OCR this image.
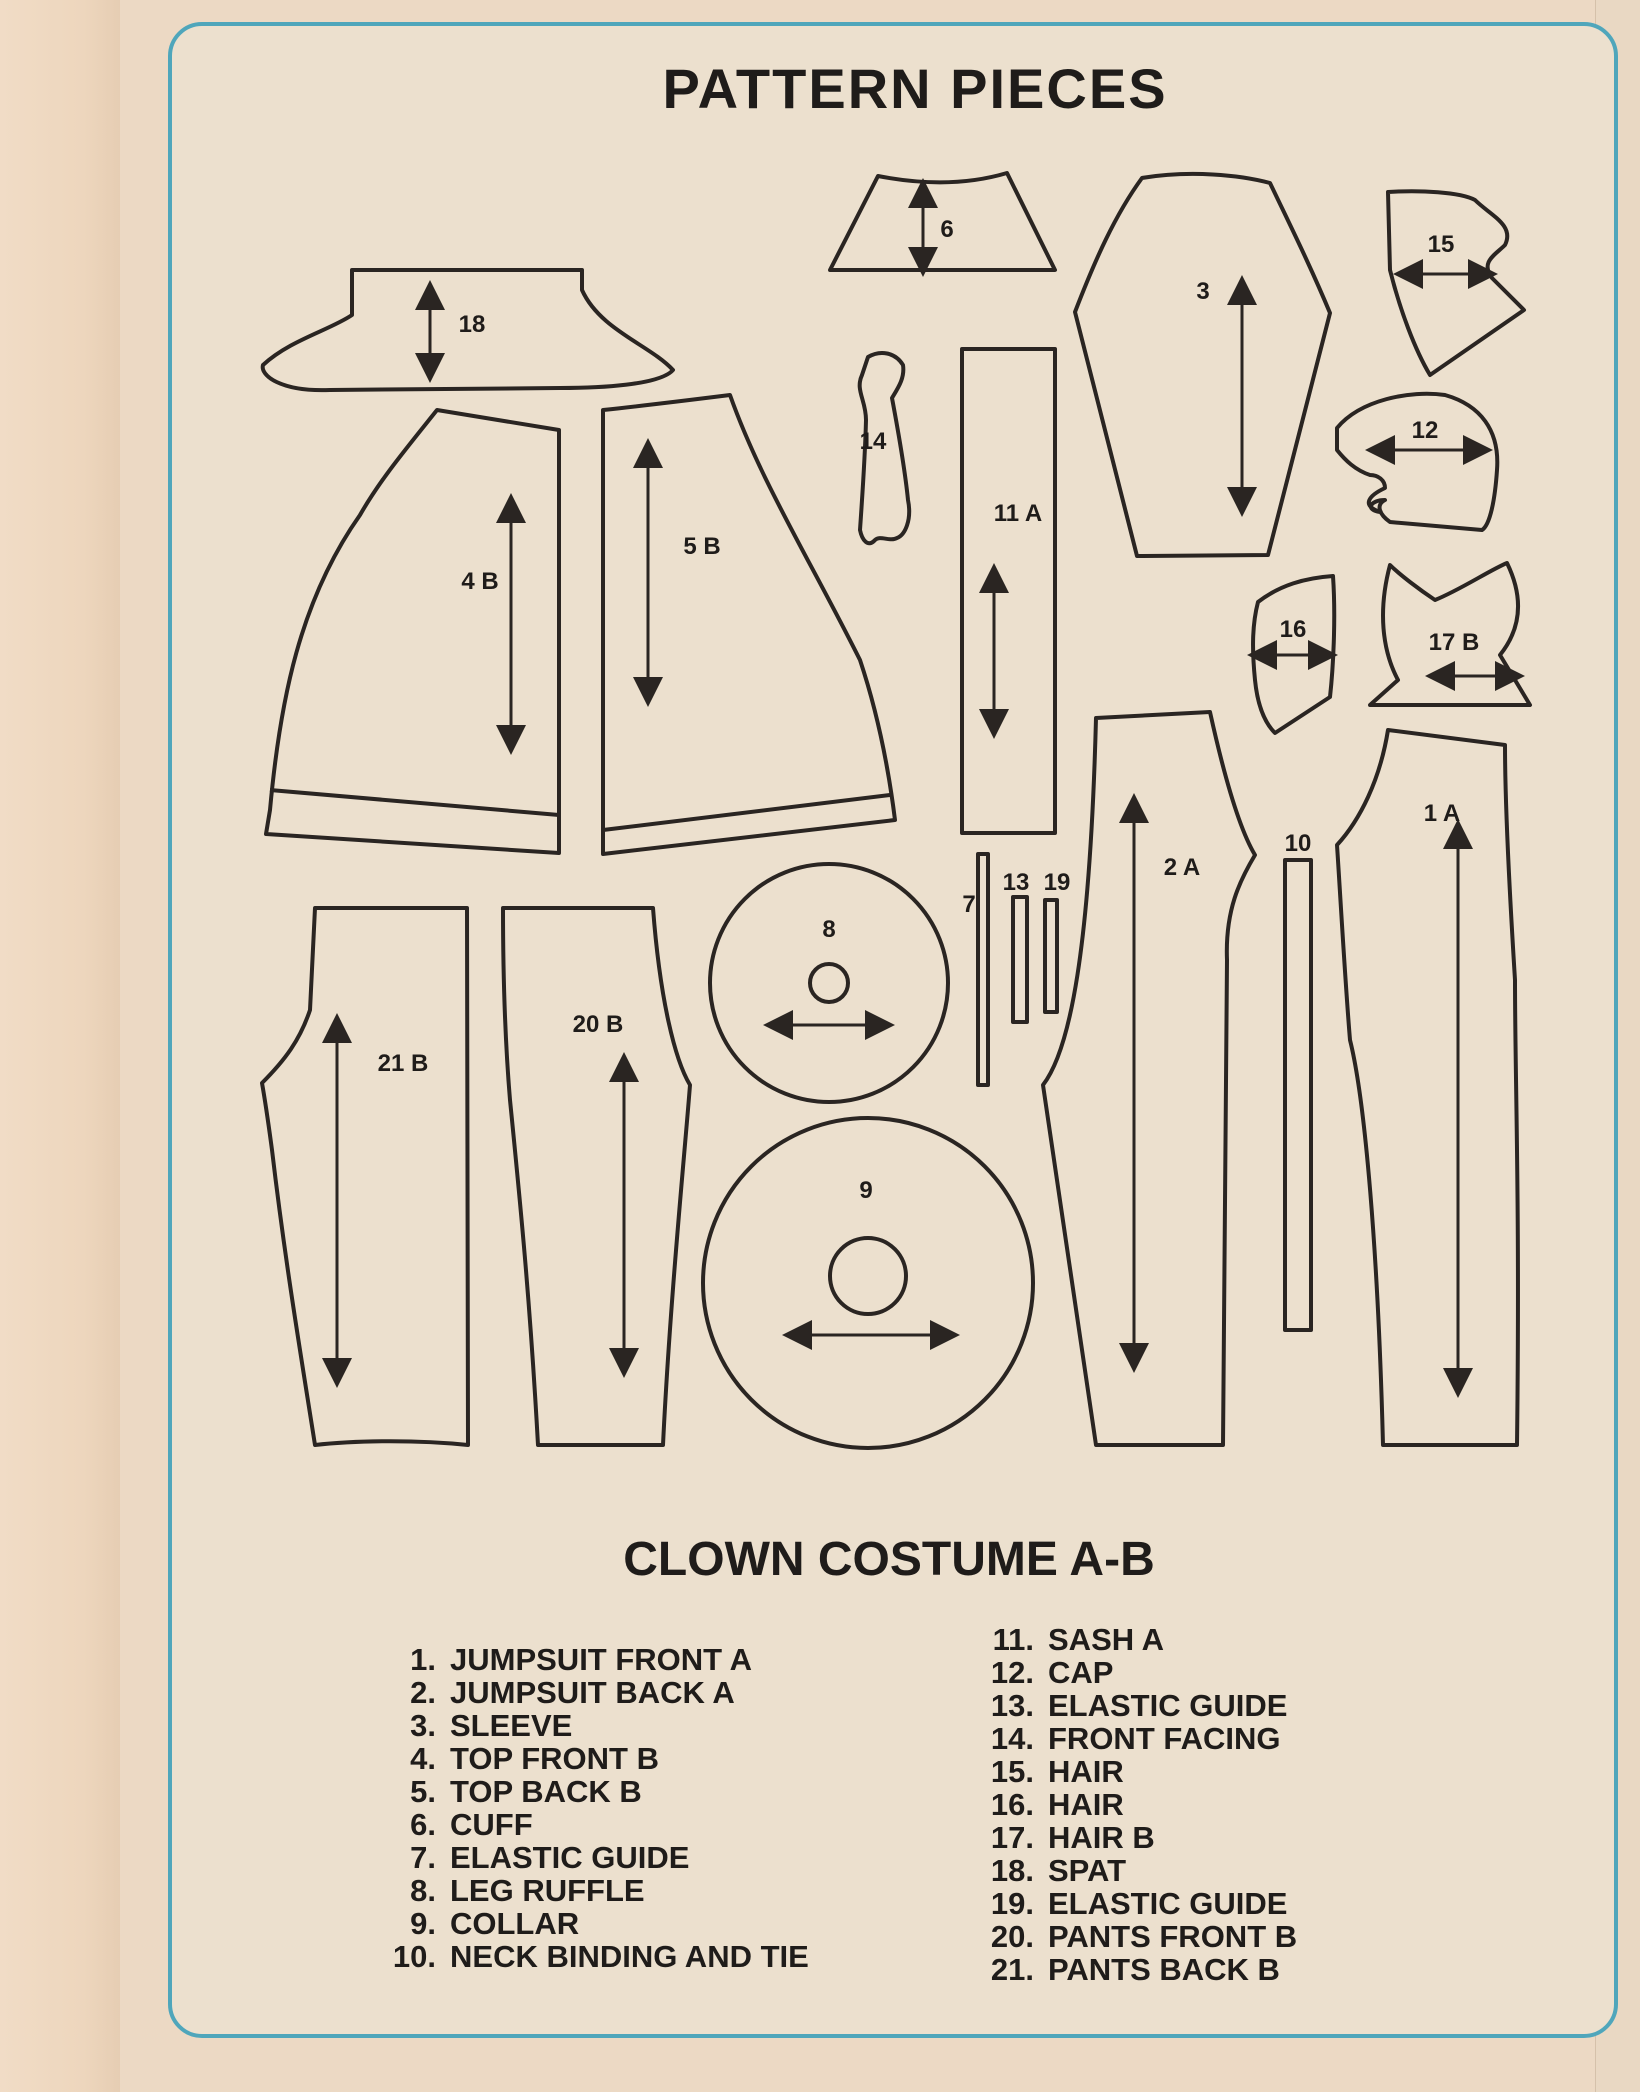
PATTERN PIECES
18
6
3
15
12
14
11 A
4 B
5 B
16	17 B
2 A
10
1 A
8
7
13 19
21 B
20 B
9
CLOWN COSTUME A-B
1. JUMPSUIT FRONT A
2. JUMPSUIT BACK A
3. SLEEVE
4. TOP FRONT B
5. TOP BACK B
6. CUFF
7. ELASTIC GUIDE
8. LEG RUFFLE
9. COLLAR
10. NECK BINDING AND TIE
11. SASH A
12. CAP
13. ELASTIC GUIDE
14. FRONT FACING
15. HAIR
16. HAIR
17. HAIR B
18. SPAT
19. ELASTIC GUIDE
20. PANTS FRONT B
21. PANTS BACK B
